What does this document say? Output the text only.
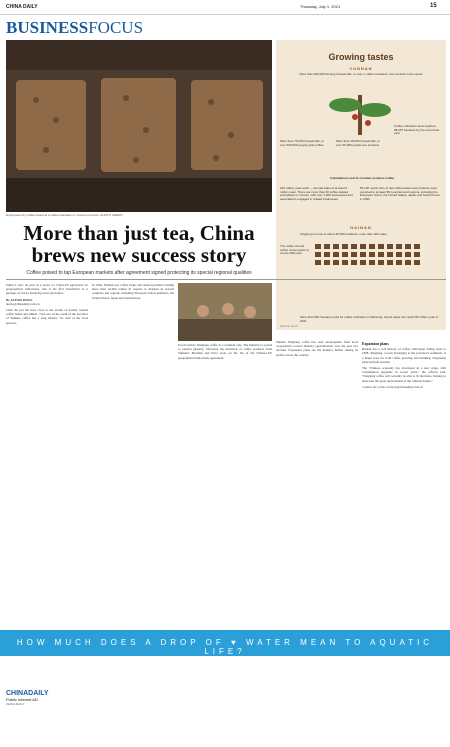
CHINA DAILY	Thursday, July 1, 2021	15
BUSINESSFOCUS
Employees dry coffee beans at a coffee plantation in Yunnan province. PHOTO CREDIT
Growing tastes
YUNNAN
More than 200,000 farming households, or over 1 million residents, are involved in the sector
More than 75,000 households, or over 300,000 people grow coffee
More than 18,000 households, or over 90,000 people are involved
Coffee cultivation area reached 98,667 hectares by the end of last year
2 plantations and 11 counties produce coffee
100 million yuan each — Annual sales of at least 5 million yuan. There are more than 60 coffee-related enterprises in Yunnan, with over 1,000 businesses and associations engaged in related businesses
56,100 metric tons of raw coffee beans and products were exported to at least 58 countries and regions, including the European Union, the United States, Japan and South Korea in 2020
HAINAN
Xinglong is home to about 36,000 residents, more than 200 cafes
The coffee annual coffee consumption in county 180 cups
More than 660 hectares used for coffee cultivation in Wanning, output value can reach 80 million yuan in 2021
Source: Gov't
More than just tea, China brews new success story
Coffee poised to tap European markets after agreement signed protecting its special regional qualities
Editor's note: As part of a series on China-EU agreement on geographical indications, this is the first installment in a package of stories featuring local specialties.
By ALEXIS HOOL
alexis@chinadaily.com.cn
Chen Xu put his nose close to the aroma of freshly roasted coffee beans and smiled. "You see, in the south of the province of Yunnan, coffee has a long history," he said of the local growers.
In 1904, Yunnan saw coffee beans and related products loading more than 16,000 tonnes in exports to markets in several countries and regions, including European Union members, the United States, Japan and South Korea.
Food tourists: Xinglong coffee at a roadside cafe. The industry is poised to expand globally, following the inclusion of coffee products from Yunnan's Baoshan and Pu'er areas on the list of the Chinese-EU geographical indications agreement.
Yunnan Xinglong coffee has seen development from local cooperatives toward industry specialization over the past two decades. Expansion plans see the industry further raising its profile across the country.
Expansion plans
Hainan has a rich history of coffee cultivation dating back to 1898. Xinglong, a town belonging to the province's southeast, is a major base for both coffee growing and drinking. Expansion plans include tourism.
The "Chinese economy has developed in a new stage, with consumption upgrades in recent years," the official said. "Xinglong coffee will certainly be able to fit the times, helping to showcase the great rejuvenation of the Chinese nation."
Contact the writer at alexis@chinadaily.com.cn
HOW MUCH DOES A DROP OF ♥ WATER MEAN TO AQUATIC LIFE?
CHINADAILY
Public Interest AD
CHINA DAILY
